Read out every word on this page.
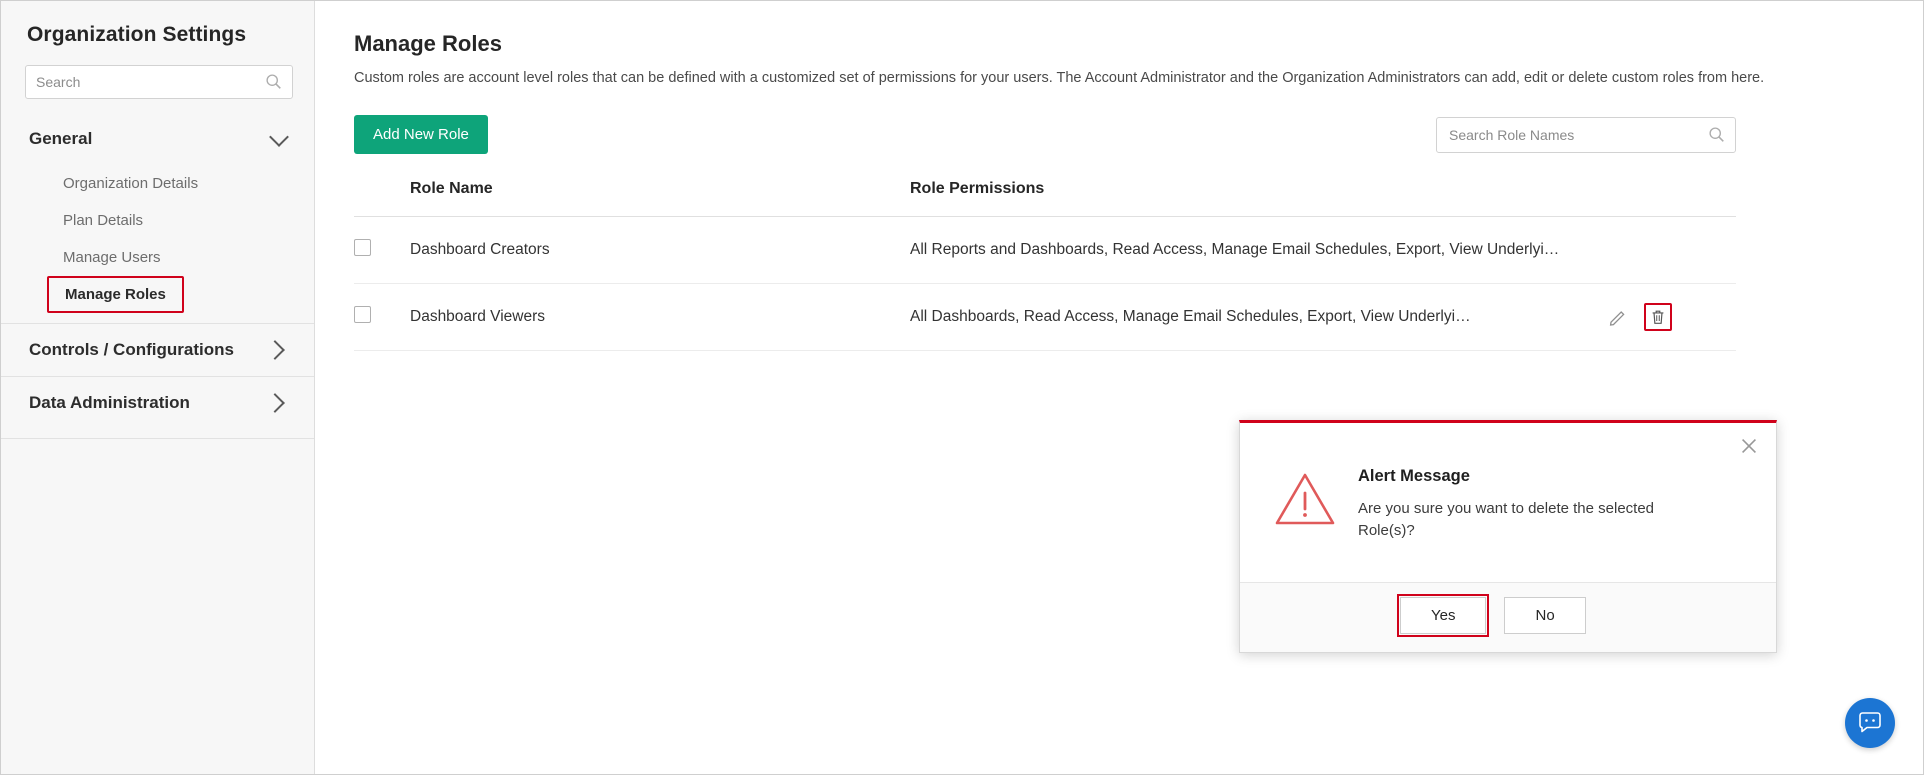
Organization Settings
Search
General
Organization Details
Plan Details
Manage Users
Manage Roles
Controls / Configurations
Data Administration
Manage Roles
Custom roles are account level roles that can be defined with a customized set of permissions for your users. The Account Administrator and the Organization Administrators can add, edit or delete custom roles from here.
Add New Role
Search Role Names
	Role Name	Role Permissions
	Dashboard Creators	All Reports and Dashboards, Read Access, Manage Email Schedules, Export, View Underlyi…

	Dashboard Viewers	All Dashboards, Read Access, Manage Email Schedules, Export, View Underlyi…
Alert Message
Are you sure you want to delete the selected Role(s)?
Yes	No
